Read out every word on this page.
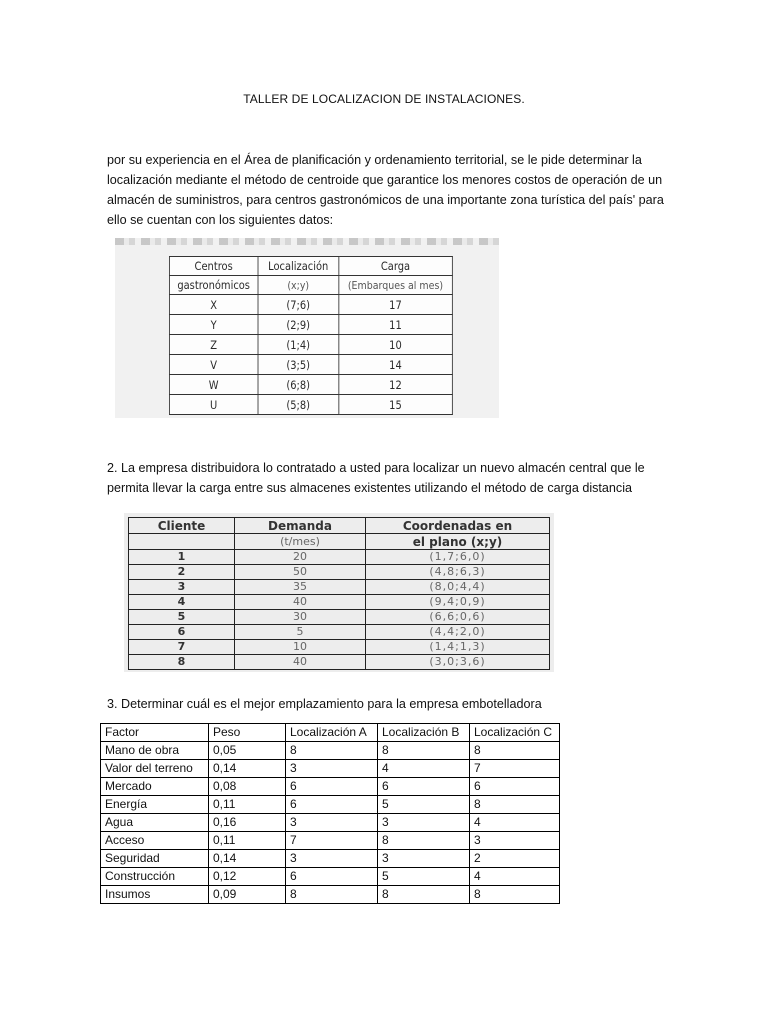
TALLER DE LOCALIZACION DE INSTALACIONES.
por su experiencia en el Área de planificación y ordenamiento territorial, se le pide determinar la localización mediante el método de centroide que garantice los menores costos de operación de un almacén de suministros, para centros gastronómicos de una importante zona turística del país' para ello se cuentan con los siguientes datos:
Centros	Localización	Carga
gastronómicos	(x;y)	(Embarques al mes)
X	(7;6)	17
Y	(2;9)	11
Z	(1;4)	10
V	(3;5)	14
W	(6;8)	12
U	(5;8)	15
2. La empresa distribuidora lo contratado a usted para localizar un nuevo almacén central que le permita llevar la carga entre sus almacenes existentes utilizando el método de carga distancia
Cliente	Demanda	Coordenadas en
	(t/mes)	el plano (x;y)
1	20	(1,7;6,0)
2	50	(4,8;6,3)
3	35	(8,0;4,4)
4	40	(9,4;0,9)
5	30	(6,6;0,6)
6	5	(4,4;2,0)
7	10	(1,4;1,3)
8	40	(3,0;3,6)
3. Determinar cuál es el mejor emplazamiento para la empresa embotelladora
Factor	Peso	Localización A	Localización B	Localización C
Mano de obra	0,05	8	8	8
Valor del terreno	0,14	3	4	7
Mercado	0,08	6	6	6
Energía	0,11	6	5	8
Agua	0,16	3	3	4
Acceso	0,11	7	8	3
Seguridad	0,14	3	3	2
Construcción	0,12	6	5	4
Insumos	0,09	8	8	8
